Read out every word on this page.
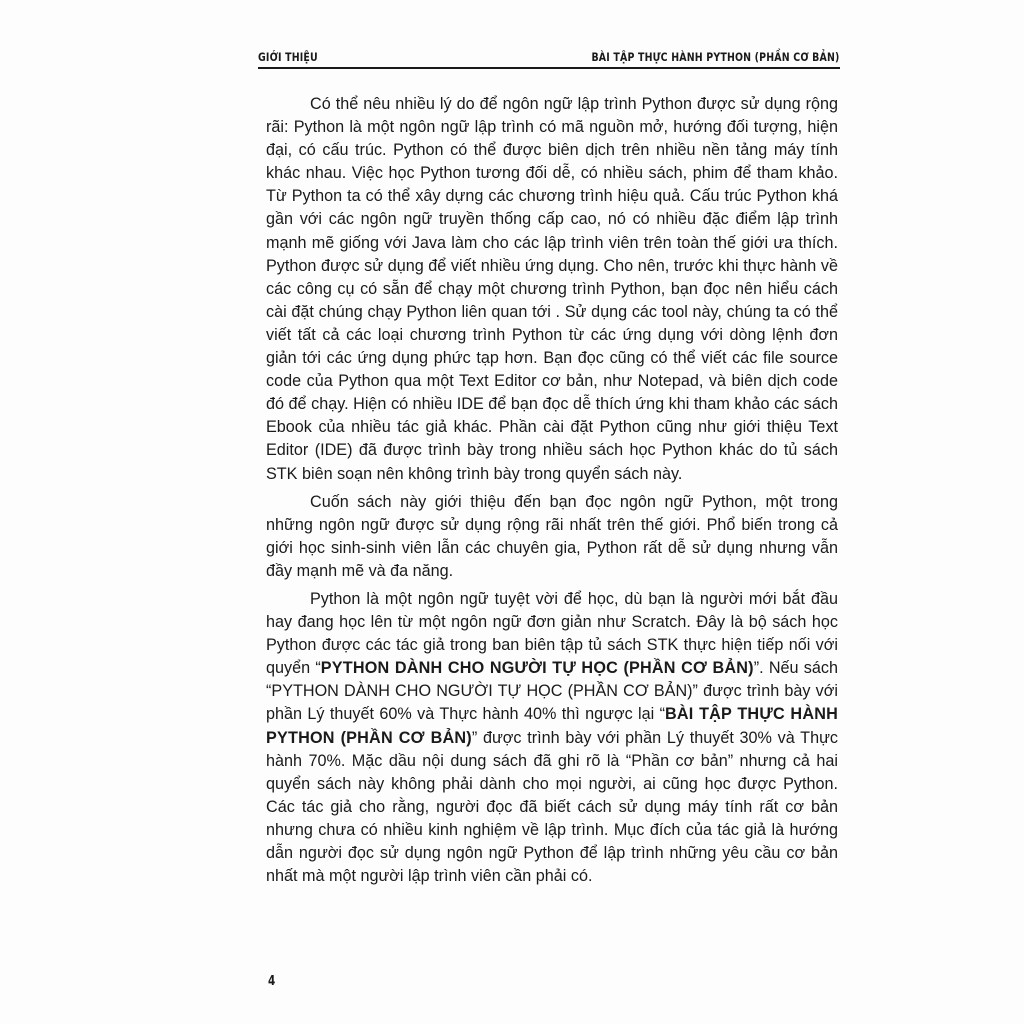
GIỚI THIỆU	BÀI TẬP THỰC HÀNH PYTHON (PHẦN CƠ BẢN)

Có thể nêu nhiều lý do để ngôn ngữ lập trình Python được sử dụng rộng rãi: Python là một ngôn ngữ lập trình có mã nguồn mở, hướng đối tượng, hiện đại, có cấu trúc. Python có thể được biên dịch trên nhiều nền tảng máy tính khác nhau. Việc học Python tương đối dễ, có nhiều sách, phim để tham khảo. Từ Python ta có thể xây dựng các chương trình hiệu quả. Cấu trúc Python khá gần với các ngôn ngữ truyền thống cấp cao, nó có nhiều đặc điểm lập trình mạnh mẽ giống với Java làm cho các lập trình viên trên toàn thế giới ưa thích. Python được sử dụng để viết nhiều ứng dụng. Cho nên, trước khi thực hành về các công cụ có sẵn để chạy một chương trình Python, bạn đọc nên hiểu cách cài đặt chúng chạy Python liên quan tới . Sử dụng các tool này, chúng ta có thể viết tất cả các loại chương trình Python từ các ứng dụng với dòng lệnh đơn giản tới các ứng dụng phức tạp hơn. Bạn đọc cũng có thể viết các file source code của Python qua một Text Editor cơ bản, như Notepad, và biên dịch code đó để chạy. Hiện có nhiều IDE để bạn đọc dễ thích ứng khi tham khảo các sách Ebook của nhiều tác giả khác. Phần cài đặt Python cũng như giới thiệu Text Editor (IDE) đã được trình bày trong nhiều sách học Python khác do tủ sách STK biên soạn nên không trình bày trong quyển sách này.

Cuốn sách này giới thiệu đến bạn đọc ngôn ngữ Python, một trong những ngôn ngữ được sử dụng rộng rãi nhất trên thế giới. Phổ biến trong cả giới học sinh-sinh viên lẫn các chuyên gia, Python rất dễ sử dụng nhưng vẫn đầy mạnh mẽ và đa năng.

Python là một ngôn ngữ tuyệt vời để học, dù bạn là người mới bắt đầu hay đang học lên từ một ngôn ngữ đơn giản như Scratch. Đây là bộ sách học Python được các tác giả trong ban biên tập tủ sách STK thực hiện tiếp nối với quyển “PYTHON DÀNH CHO NGƯỜI TỰ HỌC (PHẦN CƠ BẢN)”. Nếu sách “PYTHON DÀNH CHO NGƯỜI TỰ HỌC (PHẦN CƠ BẢN)” được trình bày với phần Lý thuyết 60% và Thực hành 40% thì ngược lại “BÀI TẬP THỰC HÀNH PYTHON (PHẦN CƠ BẢN)” được trình bày với phần Lý thuyết 30% và Thực hành 70%. Mặc dầu nội dung sách đã ghi rõ là “Phần cơ bản” nhưng cả hai quyển sách này không phải dành cho mọi người, ai cũng học được Python. Các tác giả cho rằng, người đọc đã biết cách sử dụng máy tính rất cơ bản nhưng chưa có nhiều kinh nghiệm về lập trình. Mục đích của tác giả là hướng dẫn người đọc sử dụng ngôn ngữ Python để lập trình những yêu cầu cơ bản nhất mà một người lập trình viên cần phải có.

4
